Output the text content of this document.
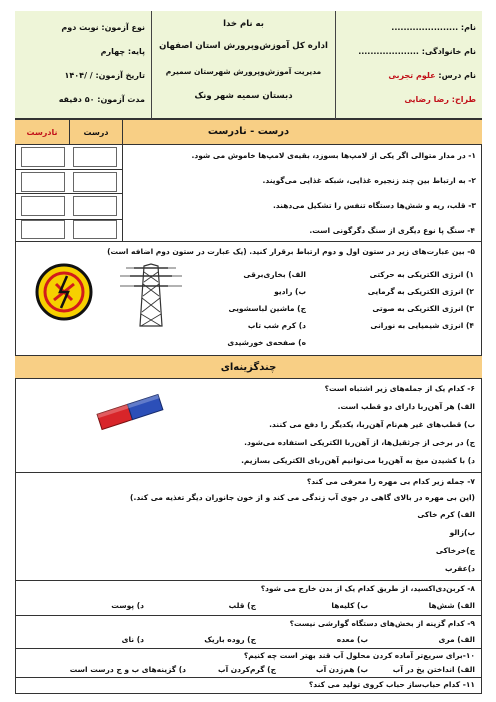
نام: ......................
نام خانوادگی: ....................
نام درس: علوم تجربی
طراح: رضا رضایی
به نام خدا
اداره کل آموزش‌وپرورش استان اصفهان
مدیریت آموزش‌وپرورش شهرستان سمیرم
دبستان سمیه شهر ونک
نوع آزمون: نوبت دوم
پایه: چهارم
تاریخ آزمون: / /۱۴۰۴
مدت آزمون: ۵۰ دقیقه
درست - نادرست
نادرست	درست
۱- در مدار متوالی اگر یکی از لامپ‌ها بسوزد، بقیه‌ی لامپ‌ها خاموش می شود.
۲- به ارتباط بین چند زنجیره غذایی، شبکه غذایی می‌گویند.
۳- قلب، ریه و شش‌ها دستگاه تنفس را تشکیل می‌دهند.
۴- سنگ پا نوع دیگری از سنگ دگرگونی است.
۵- بین عبارت‌های زیر در ستون اول و دوم ارتباط برقرار کنید. (یک عبارت در ستون دوم اضافه است)
۱) انرژی الکتریکی به حرکتی
۲) انرژی الکتریکی به گرمایی
۳) انرژی الکتریکی به صوتی
۴) انرژی شیمیایی به نورانی
الف) بخاری‌برقی
ب) رادیو
ج) ماشین لباسشویی
د) کرم شب تاب
ه) صفحه‌ی خورشیدی
چندگزینه‌ای
۶- کدام یک از جمله‌های زیر اشتباه است؟
الف) هر آهن‌ربا دارای دو قطب است.
ب) قطب‌های غیر هم‌نام آهن‌ربا، یکدیگر را دفع می کنند.
ج) در برخی از جرثقیل‌ها، از آهن‌ربا الکتریکی استفاده می‌شود.
د) با کشیدن میخ به آهن‌ربا می‌توانیم آهن‌ربای الکتریکی بسازیم.
۷- جمله زیر کدام بی مهره را معرفی می کند؟
(این بی مهره در بالای گاهی در جوی آب زندگی می کند و از خون جانوران دیگر تغذیه می کند.)
الف) کرم خاکی
ب)زالو
ج)خرخاکی
د)عقرب
۸- کربن‌دی‌اکسید، از طریق کدام یک از بدن خارج می شود؟
الف) شش‌ها
ب) کلیه‌ها
ج) قلب
د) پوست
۹- کدام گزینه از بخش‌های دستگاه گوارشی نیست؟
الف) مری
ب) معده
ج) روده باریک
د) نای
۱۰-برای سریع‌تر آماده کردن محلول آب قند بهتر است چه کنیم؟
الف) انداختن یخ در آب
ب) هم‌زدن آب
ج) گرم‌کردن آب
د) گزینه‌های ب و ج درست است
۱۱- کدام حباب‌ساز حباب کروی تولید می کند؟
